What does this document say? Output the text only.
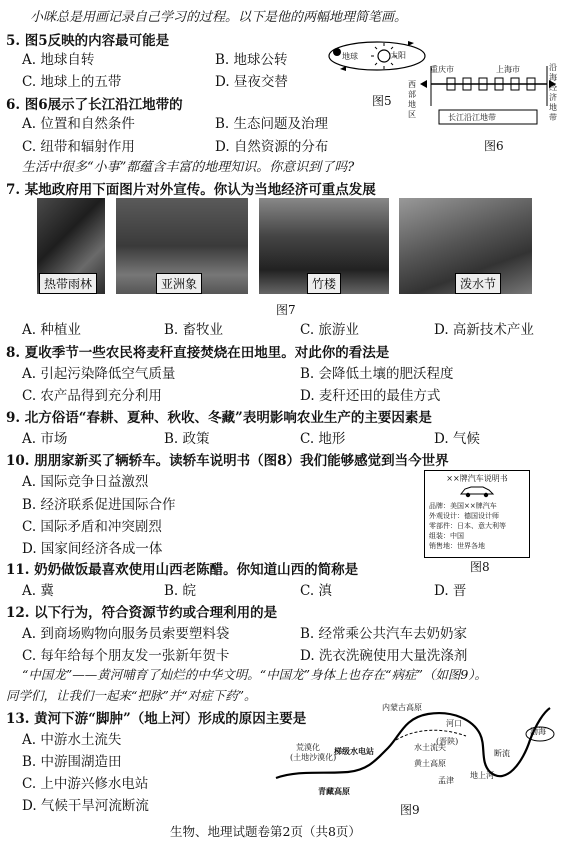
小咪总是用画记录自己学习的过程。以下是他的两幅地理简笔画。
5. 图5反映的内容最可能是
A. 地球自转	B. 地球公转
C. 地球上的五带	D. 昼夜交替
地球	太阳
图5
重庆市	上海市
西部地区
沿海经济地带
长江沿江地带
图6
6. 图6展示了长江沿江地带的
A. 位置和自然条件	B. 生态问题及治理
C. 纽带和辐射作用	D. 自然资源的分布
生活中很多“小事”都蕴含丰富的地理知识。你意识到了吗?
7. 某地政府用下面图片对外宣传。你认为当地经济可重点发展
热带雨林	亚洲象	竹楼	泼水节
图7
A. 种植业	B. 畜牧业	C. 旅游业	D. 高新技术产业
8. 夏收季节一些农民将麦秆直接焚烧在田地里。对此你的看法是
A. 引起污染降低空气质量	B. 会降低土壤的肥沃程度
C. 农产品得到充分利用	D. 麦秆还田的最佳方式
9. 北方俗语“春耕、夏种、秋收、冬藏”表明影响农业生产的主要因素是
A. 市场	B. 政策	C. 地形	D. 气候
10. 朋朋家新买了辆轿车。读轿车说明书（图8）我们能够感觉到当今世界
A. 国际竞争日益激烈
B. 经济联系促进国际合作
C. 国际矛盾和冲突剧烈
D. 国家间经济各成一体
××牌汽车说明书
品牌：美国××牌汽车
外观设计：德国设计师
零部件：日本、意大利等
组装：中国
销售地：世界各地
图8
11. 奶奶做饭最喜欢使用山西老陈醋。你知道山西的简称是
A. 冀	B. 皖	C. 滇	D. 晋
12. 以下行为，符合资源节约或合理利用的是
A. 到商场购物向服务员索要塑料袋	B. 经常乘公共汽车去奶奶家
C. 每年给每个朋友发一张新年贺卡	D. 洗衣洗碗使用大量洗涤剂
“中国龙”——黄河哺育了灿烂的中华文明。“中国龙”身体上也存在“病症”（如图9）。
同学们，让我们一起来“把脉”并“对症下药”。
13. 黄河下游“脚肿”（地上河）形成的原因主要是
A. 中游水土流失
B. 中游围湖造田
C. 上中游兴修水电站
D. 气候干旱河流断流
内蒙古高原
河口
荒漠化
(土地沙漠化)
梯级水电站	水土流失
黄土高原
(晋陕)
青藏高原
孟津
地上河
断流
渤海
图9
生物、地理试题卷第2页（共8页）
